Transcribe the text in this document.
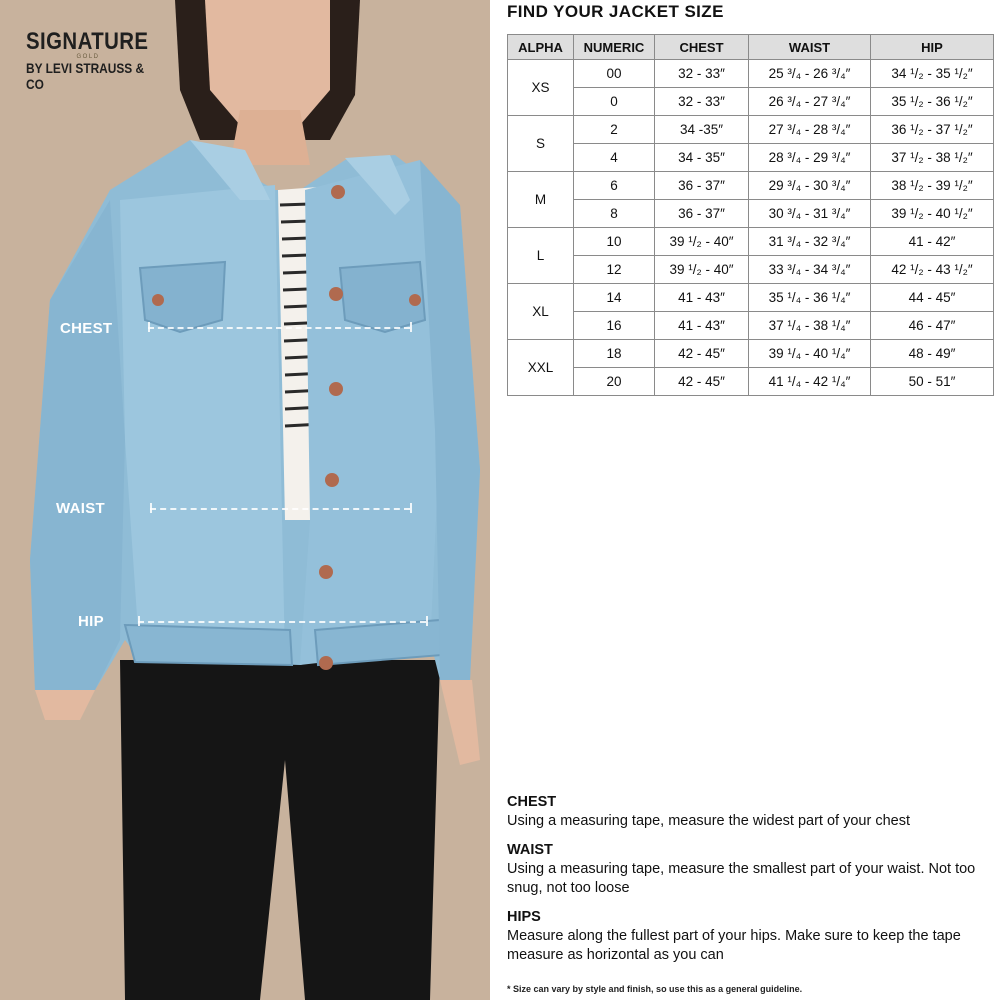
SIGNATURE
GOLD
BY LEVI STRAUSS & CO
CHEST
WAIST
HIP
FIND YOUR JACKET SIZE
ALPHA	NUMERIC	CHEST	WAIST	HIP
XS	00	32 - 33″	25 ³/₄ - 26 ³/₄″	34 ¹/₂ - 35 ¹/₂″
	0	32 - 33″	26 ³/₄ - 27 ³/₄″	35 ¹/₂ - 36 ¹/₂″
S	2	34 -35″	27 ³/₄ - 28 ³/₄″	36 ¹/₂ - 37 ¹/₂″
	4	34 - 35″	28 ³/₄ - 29 ³/₄″	37 ¹/₂ - 38 ¹/₂″
M	6	36 - 37″	29 ³/₄ - 30 ³/₄″	38 ¹/₂ - 39 ¹/₂″
	8	36 - 37″	30 ³/₄ - 31 ³/₄″	39 ¹/₂ - 40 ¹/₂″
L	10	39 ¹/₂ - 40″	31 ³/₄ - 32 ³/₄″	41 - 42″
	12	39 ¹/₂ - 40″	33 ³/₄ - 34 ³/₄″	42 ¹/₂ - 43 ¹/₂″
XL	14	41 - 43″	35 ¹/₄ - 36 ¹/₄″	44 - 45″
	16	41 - 43″	37 ¹/₄ - 38 ¹/₄″	46 - 47″
XXL	18	42 - 45″	39 ¹/₄ - 40 ¹/₄″	48 - 49″
	20	42 - 45″	41 ¹/₄ - 42 ¹/₄″	50 - 51″
CHEST
Using a measuring tape, measure the widest part of your chest
WAIST
Using a measuring tape, measure the smallest part of your waist. Not too snug, not too loose
HIPS
Measure along the fullest part of your hips. Make sure to keep the tape measure as horizontal as you can
* Size can vary by style and finish, so use this as a general guideline.
